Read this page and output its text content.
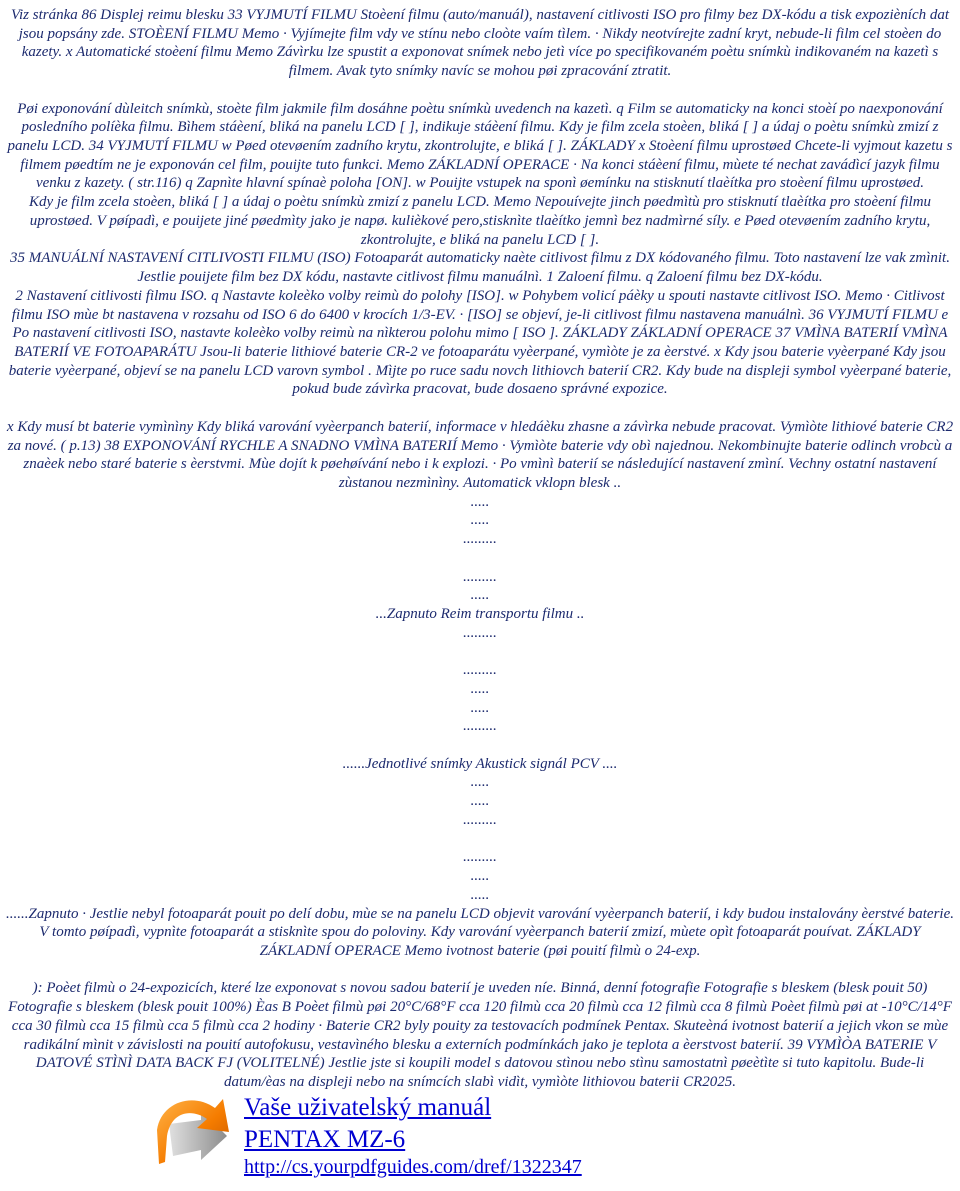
Viz stránka 86 Displej reimu blesku 33 VYJMUTÍ FILMU Stoèení filmu (auto/manuál), nastavení citlivosti ISO pro filmy bez DX-kódu a tisk expozièních dat
jsou popsány zde. STOÈENÍ FILMU Memo · Vyjímejte film vdy ve stínu nebo cloòte vaím tìlem. · Nikdy neotvírejte zadní kryt, nebude-li film cel stoèen do
kazety. x Automatické stoèení filmu Memo Závìrku lze spustit a exponovat snímek nebo jetì více po specifikovaném poètu snímkù indikovaném na kazetì s
filmem. Avak tyto snímky navíc se mohou pøi zpracování ztratit.
Pøi exponování dùleitch snímkù, stoète film jakmile film dosáhne poètu snímkù uvedench na kazetì. q Film se automaticky na konci stoèí po naexponování
posledního políèka filmu. Bìhem stáèení, bliká na panelu LCD [ ], indikuje stáèení filmu. Kdy je film zcela stoèen, bliká [ ] a údaj o poètu snímkù zmizí z
panelu LCD. 34 VYJMUTÍ FILMU w Pøed otevøením zadního krytu, zkontrolujte, e bliká [ ]. ZÁKLADY x Stoèení filmu uprostøed Chcete-li vyjmout kazetu s
filmem pøedtím ne je exponován cel film, pouijte tuto funkci. Memo ZÁKLADNÍ OPERACE · Na konci stáèení filmu, mùete té nechat zavádìcí jazyk filmu
venku z kazety. ( str.116) q Zapnìte hlavní spínaè poloha [ON]. w Pouijte vstupek na sponì øemínku na stisknutí tlaèítka pro stoèení filmu uprostøed.
Kdy je film zcela stoèen, bliká [ ] a údaj o poètu snímkù zmizí z panelu LCD. Memo Nepouívejte jinch pøedmìtù pro stisknutí tlaèítka pro stoèení filmu
uprostøed. V pøípadì, e pouijete jiné pøedmìty jako je napø. kulièkové pero,stisknìte tlaèítko jemnì bez nadmìrné síly. e Pøed otevøením zadního krytu,
zkontrolujte, e bliká na panelu LCD [ ].
35 MANUÁLNÍ NASTAVENÍ CITLIVOSTI FILMU (ISO) Fotoaparát automaticky naète citlivost filmu z DX kódovaného filmu. Toto nastavení lze vak zmìnit.
Jestlie pouijete film bez DX kódu, nastavte citlivost filmu manuálnì. 1 Zaloení filmu. q Zaloení filmu bez DX-kódu.
2 Nastavení citlivosti filmu ISO. q Nastavte koleèko volby reimù do polohy [ISO]. w Pohybem volicí páèky u spouti nastavte citlivost ISO. Memo · Citlivost
filmu ISO mùe bt nastavena v rozsahu od ISO 6 do 6400 v krocích 1/3-EV. · [ISO] se objeví, je-li citlivost filmu nastavena manuálnì. 36 VYJMUTÍ FILMU e
Po nastavení citlivosti ISO, nastavte koleèko volby reimù na nìkterou polohu mimo [ ISO ]. ZÁKLADY ZÁKLADNÍ OPERACE 37 VMÌNA BATERIÍ VMÌNA
BATERIÍ VE FOTOAPARÁTU Jsou-li baterie lithiové baterie CR-2 ve fotoaparátu vyèerpané, vymìòte je za èerstvé. x Kdy jsou baterie vyèerpané Kdy jsou
baterie vyèerpané, objeví se na panelu LCD varovn symbol . Mìjte po ruce sadu novch lithiovch baterií CR2. Kdy bude na displeji symbol vyèerpané baterie,
pokud bude závìrka pracovat, bude dosaeno správné expozice.
x Kdy musí bt baterie vymìnìny Kdy bliká varování vyèerpanch baterií, informace v hledáèku zhasne a závìrka nebude pracovat. Vymìòte lithiové baterie CR2
za nové. ( p.13) 38 EXPONOVÁNÍ RYCHLE A SNADNO VMÌNA BATERIÍ Memo · Vymìòte baterie vdy obì najednou. Nekombinujte baterie odlinch vrobcù a
znaèek nebo staré baterie s èerstvmi. Mùe dojít k pøehøívání nebo i k explozi. · Po vmìnì baterií se následující nastavení zmìní. Vechny ostatní nastavení
zùstanou nezmìnìny. Automatick vklopn blesk ..
.....
.....
.........
.........
.....
...Zapnuto Reim transportu filmu ..
.........
.........
.....
.....
.........
......Jednotlivé snímky Akustick signál PCV ....
.....
.....
.........
.........
.....
.....
......Zapnuto · Jestlie nebyl fotoaparát pouit po delí dobu, mùe se na panelu LCD objevit varování vyèerpanch baterií, i kdy budou instalovány èerstvé baterie.
V tomto pøípadì, vypnìte fotoaparát a stisknìte spou do poloviny. Kdy varování vyèerpanch baterií zmizí, mùete opìt fotoaparát pouívat. ZÁKLADY
ZÁKLADNÍ OPERACE Memo ivotnost baterie (pøi pouití filmù o 24-exp.
): Poèet filmù o 24-expozicích, které lze exponovat s novou sadou baterií je uveden níe. Binná, denní fotografie Fotografie s bleskem (blesk pouit 50)
Fotografie s bleskem (blesk pouit 100%) Èas B Poèet filmù pøi 20°C/68°F cca 120 filmù cca 20 filmù cca 12 filmù cca 8 filmù Poèet filmù pøi at -10°C/14°F
cca 30 filmù cca 15 filmù cca 5 filmù cca 2 hodiny · Baterie CR2 byly pouity za testovacích podmínek Pentax. Skuteèná ivotnost baterií a jejich vkon se mùe
radikální mìnit v závislosti na pouití autofokusu, vestavìného blesku a externích podmínkách jako je teplota a èerstvost baterií. 39 VYMÌÒA BATERIE V
DATOVÉ STÌNÌ DATA BACK FJ (VOLITELNÉ) Jestlie jste si koupili model s datovou stìnou nebo stìnu samostatnì pøeètìte si tuto kapitolu. Bude-li
datum/èas na displeji nebo na snímcích slabì vidìt, vymìòte lithiovou baterii CR2025.
Vaše uživatelský manuál
PENTAX MZ-6
http://cs.yourpdfguides.com/dref/1322347
